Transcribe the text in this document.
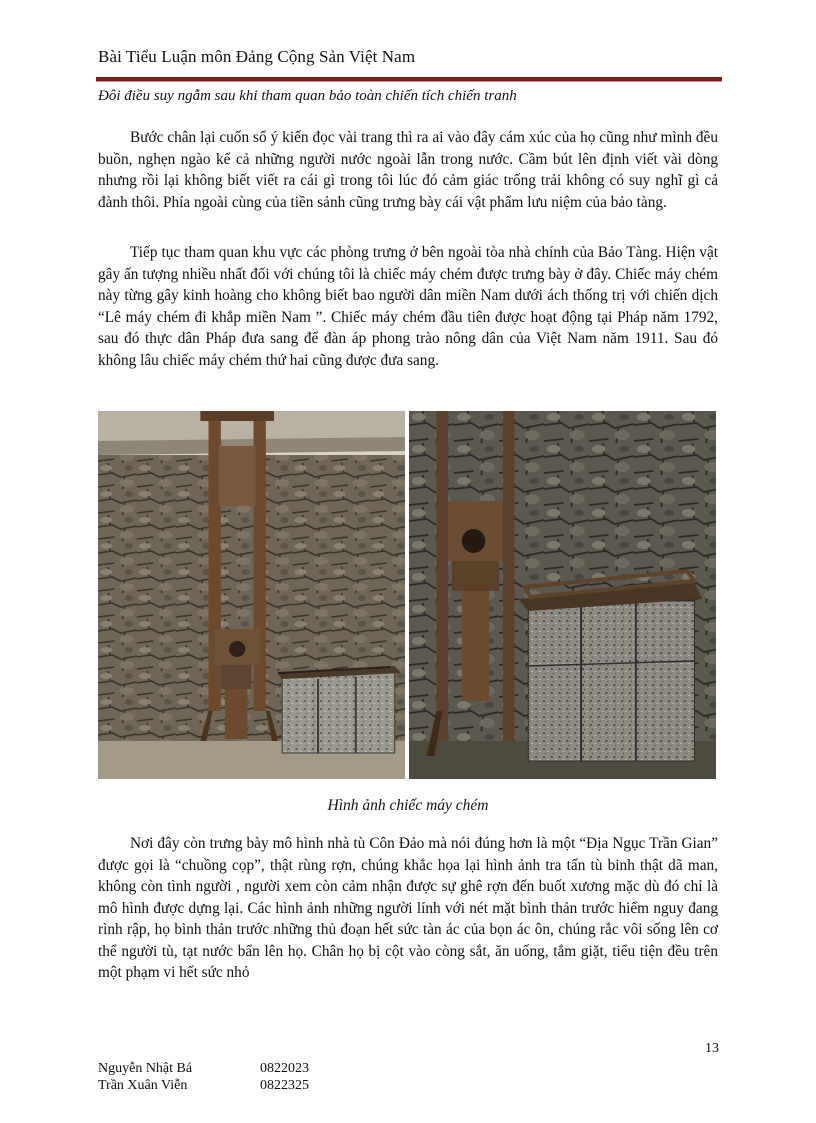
Bài Tiểu Luận môn Đảng Cộng Sản Việt Nam
Đôi điều suy ngẫm sau khi tham quan bảo toàn chiến tích chiến tranh

Bước chân lại cuốn sổ ý kiến đọc vài trang thì ra ai vào đây cám xúc của họ cũng như mình đều buồn, nghẹn ngào kể cả những người nước ngoài lẫn trong nước. Cầm bút lên định viết vài dòng nhưng rồi lại không biết viết ra cái gì trong tôi lúc đó cảm giác trống trải không có suy nghĩ gì cả đành thôi. Phía ngoài cùng của tiền sảnh cũng trưng bày cái vật phẩm lưu niệm của bảo tàng.

Tiếp tục tham quan khu vực các phòng trưng ở bên ngoài tòa nhà chính của Bảo Tàng. Hiện vật gây ấn tượng nhiều nhất đối với chúng tôi là chiếc máy chém được trưng bày ở đây. Chiếc máy chém này từng gây kinh hoàng cho không biết bao người dân miền Nam dưới ách thống trị với chiến dịch “Lê máy chém đi khắp miền Nam ”. Chiếc máy chém đầu tiên được hoạt động tại Pháp năm 1792, sau đó thực dân Pháp đưa sang để đàn áp phong trào nông dân của Việt Nam năm 1911. Sau đó không lâu chiếc máy chém thứ hai cũng được đưa sang.

Hình ảnh chiếc máy chém

Nơi đây còn trưng bày mô hình nhà tù Côn Đảo mà nói đúng hơn là một “Địa Ngục Trần Gian” được gọi là “chuồng cọp”, thật rùng rợn, chúng khắc họa lại hình ảnh tra tấn tù binh thật dã man, không còn tình người , người xem còn cảm nhận được sự ghê rợn đến buốt xương mặc dù đó chỉ là mô hình được dựng lại. Các hình ảnh những người lính với nét mặt bình thản trước hiểm nguy đang rình rập, họ bình thản trước những thủ đoạn hết sức tàn ác của bọn ác ôn, chúng rắc vôi sống lên cơ thể người tù, tạt nước bẩn lên họ. Chân họ bị cột vào còng sắt, ăn uống, tắm giặt, tiểu tiện đều trên một phạm vi hết sức nhỏ

13
Nguyễn Nhật Bá	0822023
Trần Xuân Viễn	0822325
